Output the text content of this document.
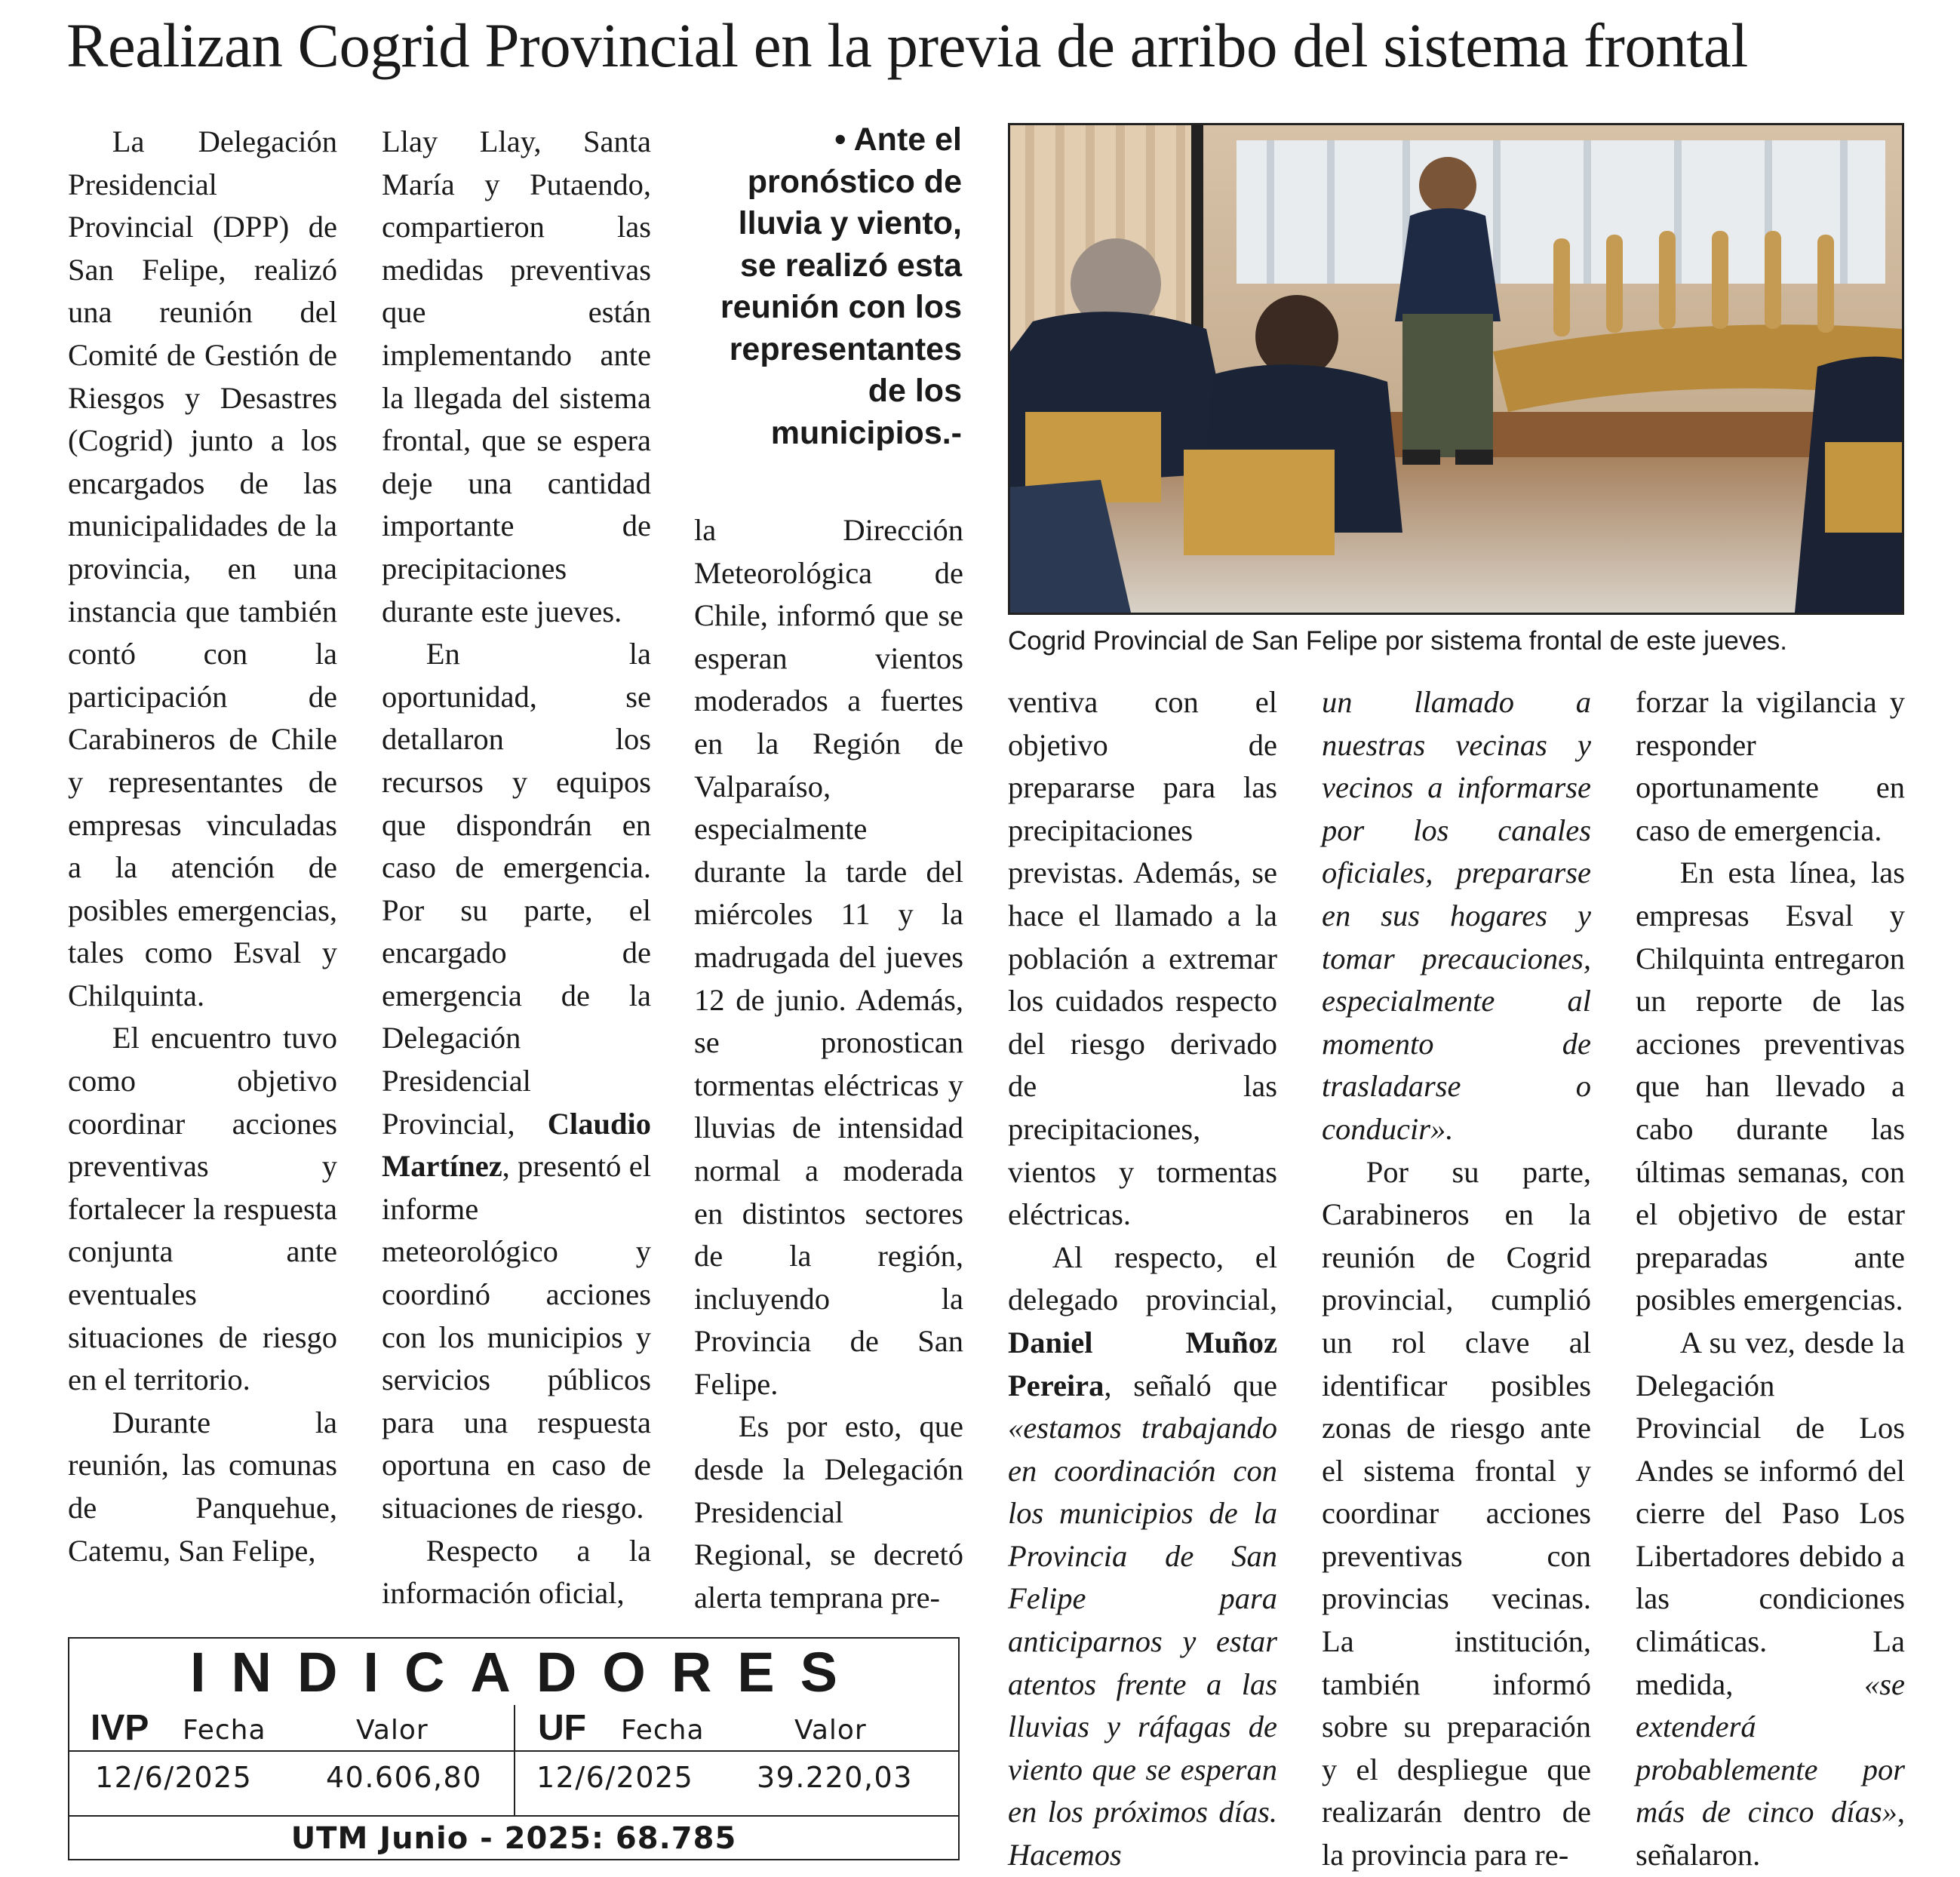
Realizan Cogrid Provincial en la previa de arribo del sistema frontal

La Delegación Presidencial Provincial (DPP) de San Felipe, realizó una reunión del Comité de Gestión de Riesgos y Desastres (Cogrid) junto a los encargados de las municipalidades de la provincia, en una instancia que también contó con la participación de Carabineros de Chile y representantes de empresas vinculadas a la atención de posibles emergencias, tales como Esval y Chilquinta.

El encuentro tuvo como objetivo coordinar acciones preventivas y fortalecer la respuesta conjunta ante eventuales situaciones de riesgo en el territorio.

Durante la reunión, las comunas de Panquehue, Catemu, San Felipe,

Llay Llay, Santa María y Putaendo, compartieron las medidas preventivas que están implementando ante la llegada del sistema frontal, que se espera deje una cantidad importante de precipitaciones durante este jueves.

En la oportunidad, se detallaron los recursos y equipos que dispondrán en caso de emergencia. Por su parte, el encargado de emergencia de la Delegación Presidencial Provincial, Claudio Martínez, presentó el informe meteorológico y coordinó acciones con los municipios y servicios públicos para una respuesta oportuna en caso de situaciones de riesgo.

Respecto a la información oficial,

• Ante el pronóstico de lluvia y viento, se realizó esta reunión con los representantes de los municipios.-

la Dirección Meteorológica de Chile, informó que se esperan vientos moderados a fuertes en la Región de Valparaíso, especialmente durante la tarde del miércoles 11 y la madrugada del jueves 12 de junio. Además, se pronostican tormentas eléctricas y lluvias de intensidad normal a moderada en distintos sectores de la región, incluyendo la Provincia de San Felipe.

Es por esto, que desde la Delegación Presidencial Regional, se decretó alerta temprana pre-

Cogrid Provincial de San Felipe por sistema frontal de este jueves.

ventiva con el objetivo de prepararse para las precipitaciones previstas. Además, se hace el llamado a la población a extremar los cuidados respecto del riesgo derivado de las precipitaciones, vientos y tormentas eléctricas.

Al respecto, el delegado provincial, Daniel Muñoz Pereira, señaló que «estamos trabajando en coordinación con los municipios de la Provincia de San Felipe para anticiparnos y estar atentos frente a las lluvias y ráfagas de viento que se esperan en los próximos días. Hacemos

un llamado a nuestras vecinas y vecinos a informarse por los canales oficiales, prepararse en sus hogares y tomar precauciones, especialmente al momento de trasladarse o conducir».

Por su parte, Carabineros en la reunión de Cogrid provincial, cumplió un rol clave al identificar posibles zonas de riesgo ante el sistema frontal y coordinar acciones preventivas con provincias vecinas. La institución, también informó sobre su preparación y el despliegue que realizarán dentro de la provincia para re-

forzar la vigilancia y responder oportunamente en caso de emergencia.

En esta línea, las empresas Esval y Chilquinta entregaron un reporte de las acciones preventivas que han llevado a cabo durante las últimas semanas, con el objetivo de estar preparadas ante posibles emergencias.

A su vez, desde la Delegación Provincial de Los Andes se informó del cierre del Paso Los Libertadores debido a las condiciones climáticas. La medida,	«se extenderá probablemente por más de cinco días», señalaron.

INDICADORES
IVP Fecha	Valor
12/6/2025	40.606,80
UF Fecha	Valor
12/6/2025 39.220,03
UTM Junio - 2025: 68.785
